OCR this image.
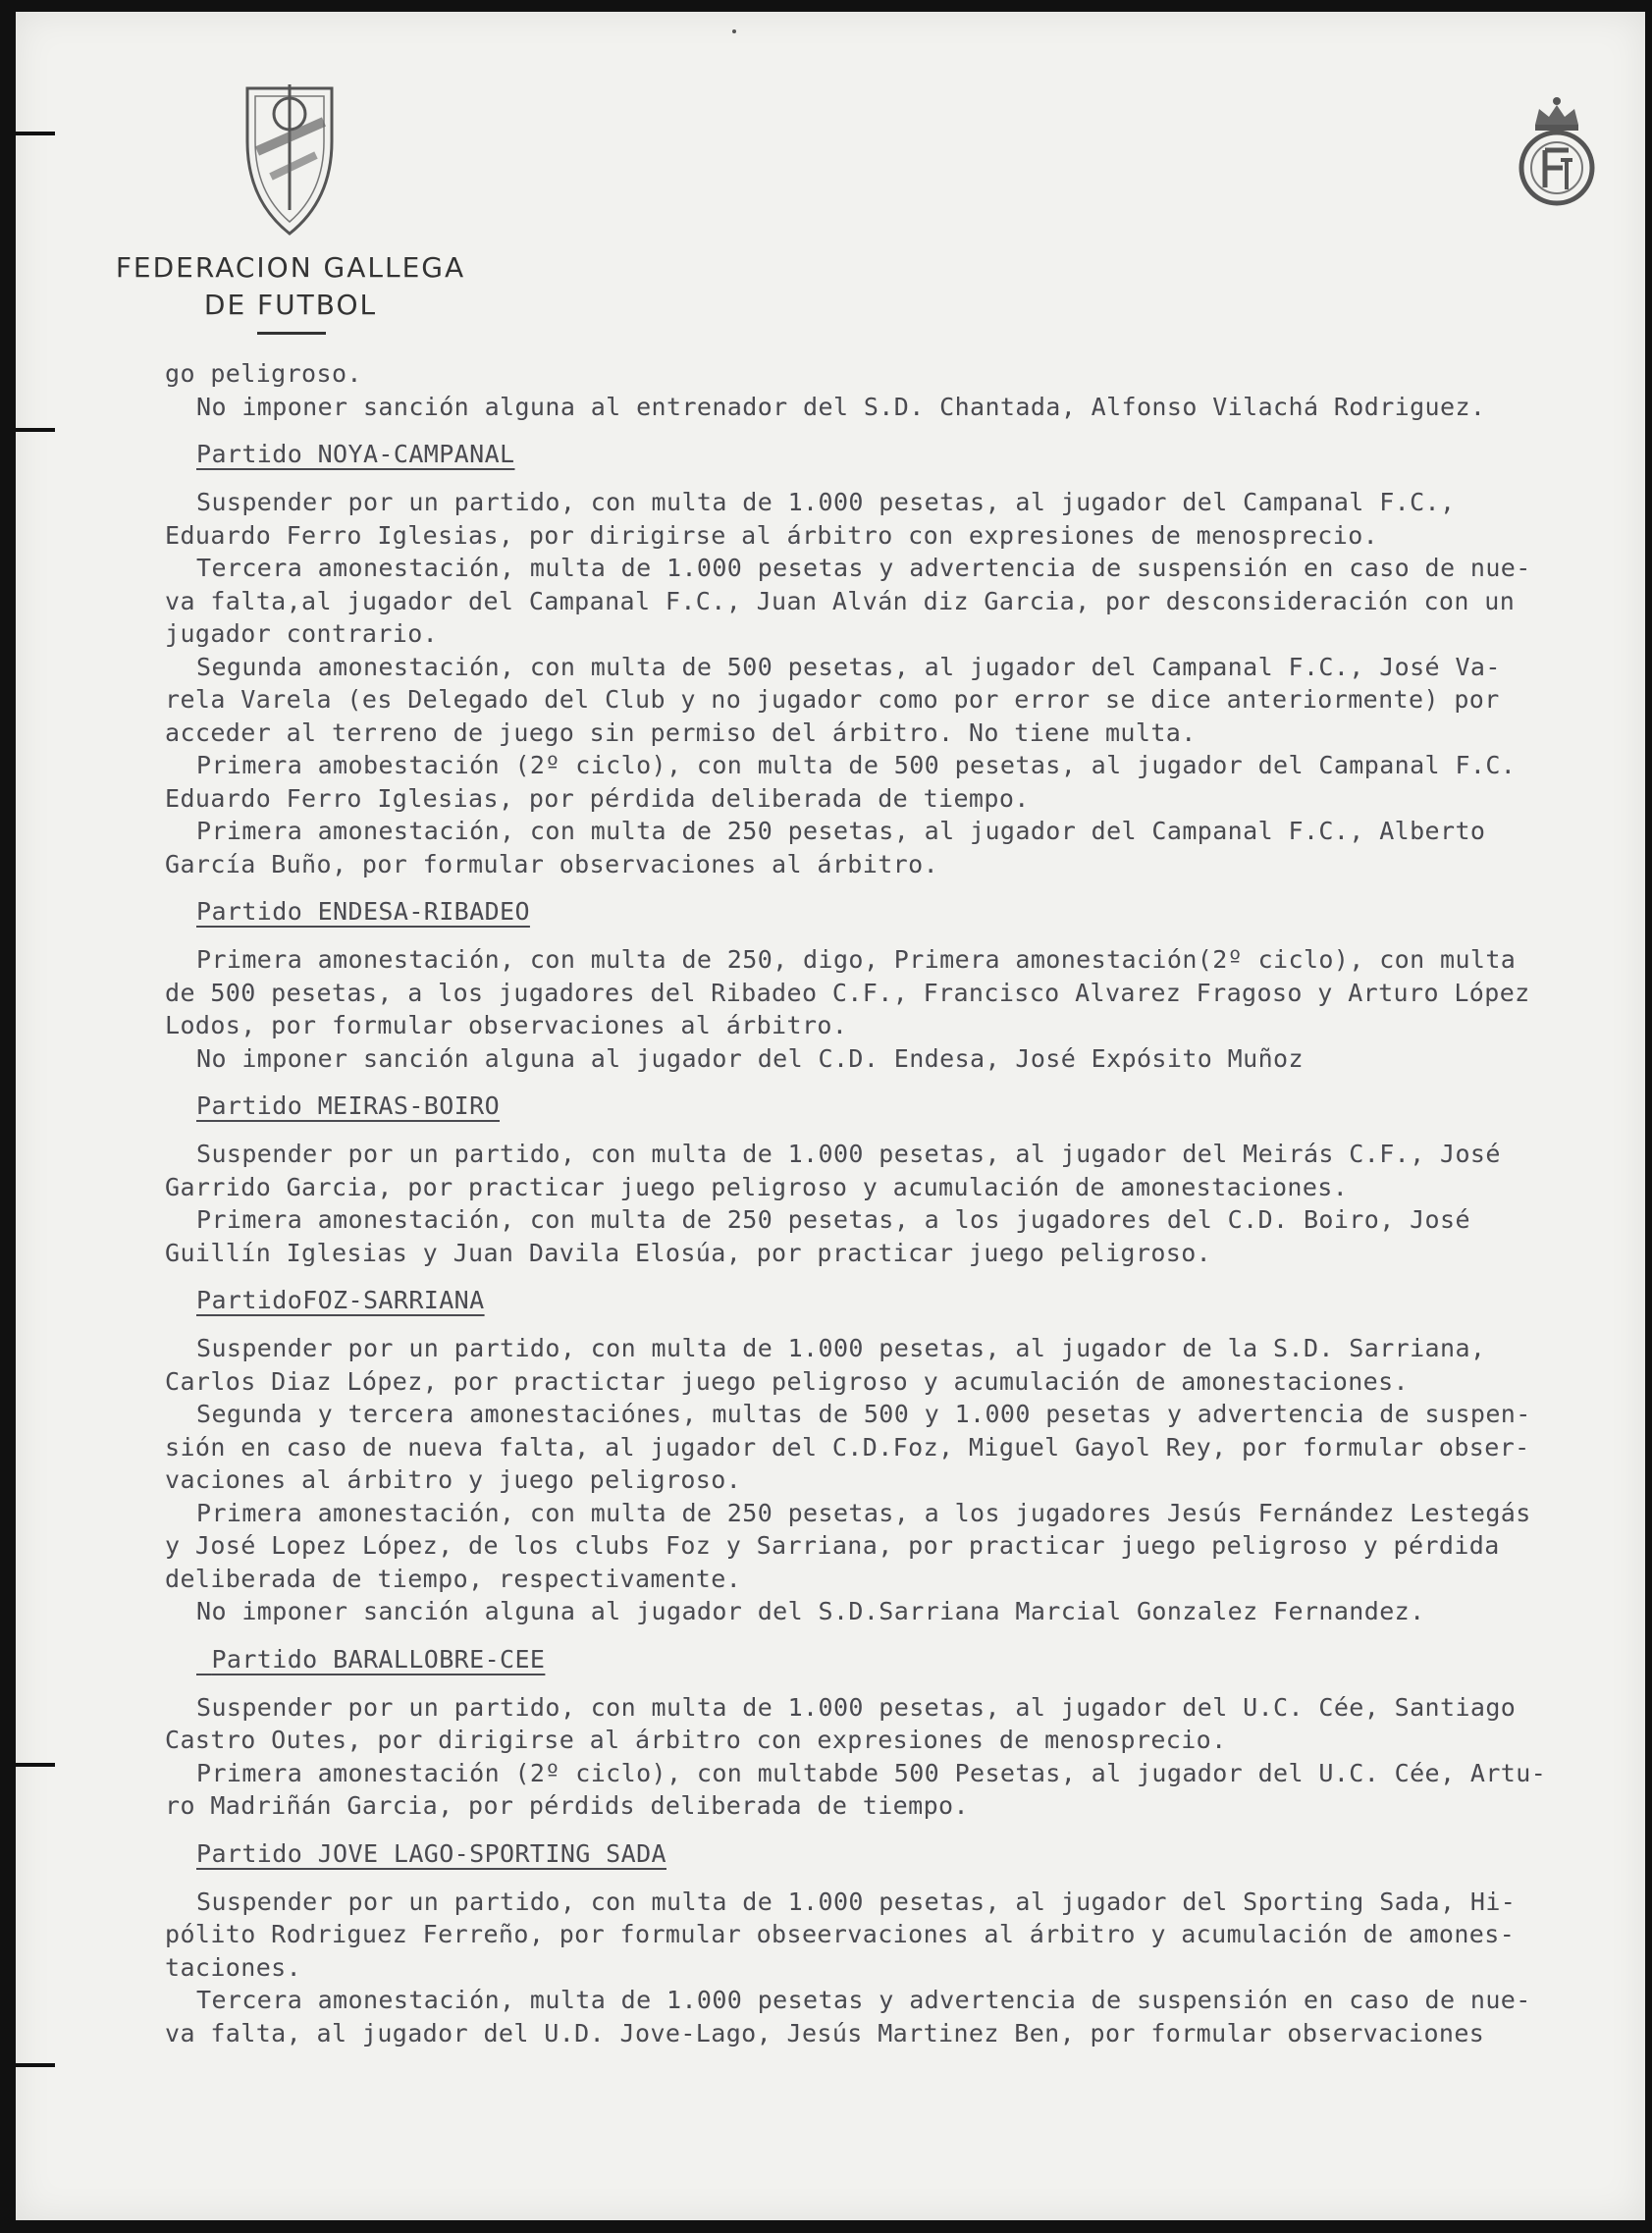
FEDERACION GALLEGA
DE FUTBOL
go peligroso.
No imponer sanción alguna al entrenador del S.D. Chantada, Alfonso Vilachá Rodriguez.
Partido NOYA-CAMPANAL
Suspender por un partido, con multa de 1.000 pesetas, al jugador del Campanal F.C.,
Eduardo Ferro Iglesias, por dirigirse al árbitro con expresiones de menosprecio.
Tercera amonestación, multa de 1.000 pesetas y advertencia de suspensión en caso de nue-
va falta,al jugador del Campanal F.C., Juan Alván diz Garcia, por desconsideración con un
jugador contrario.
Segunda amonestación, con multa de 500 pesetas, al jugador del Campanal F.C., José Va-
rela Varela (es Delegado del Club y no jugador como por error se dice anteriormente) por
acceder al terreno de juego sin permiso del árbitro. No tiene multa.
Primera amobestación (2º ciclo), con multa de 500 pesetas, al jugador del Campanal F.C.
Eduardo Ferro Iglesias, por pérdida deliberada de tiempo.
Primera amonestación, con multa de 250 pesetas, al jugador del Campanal F.C., Alberto
García Buño, por formular observaciones al árbitro.
Partido ENDESA-RIBADEO
Primera amonestación, con multa de 250, digo, Primera amonestación(2º ciclo), con multa
de 500 pesetas, a los jugadores del Ribadeo C.F., Francisco Alvarez Fragoso y Arturo López
Lodos, por formular observaciones al árbitro.
No imponer sanción alguna al jugador del C.D. Endesa, José Expósito Muñoz
Partido MEIRAS-BOIRO
Suspender por un partido, con multa de 1.000 pesetas, al jugador del Meirás C.F., José
Garrido Garcia, por practicar juego peligroso y acumulación de amonestaciones.
Primera amonestación, con multa de 250 pesetas, a los jugadores del C.D. Boiro, José
Guillín Iglesias y Juan Davila Elosúa, por practicar juego peligroso.
PartidoFOZ-SARRIANA
Suspender por un partido, con multa de 1.000 pesetas, al jugador de la S.D. Sarriana,
Carlos Diaz López, por practictar juego peligroso y acumulación de amonestaciones.
Segunda y tercera amonestaciónes, multas de 500 y 1.000 pesetas y advertencia de suspen-
sión en caso de nueva falta, al jugador del C.D.Foz, Miguel Gayol Rey, por formular obser-
vaciones al árbitro y juego peligroso.
Primera amonestación, con multa de 250 pesetas, a los jugadores Jesús Fernández Lestegás
y José Lopez López, de los clubs Foz y Sarriana, por practicar juego peligroso y pérdida
deliberada de tiempo, respectivamente.
No imponer sanción alguna al jugador del S.D.Sarriana Marcial Gonzalez Fernandez.
Partido BARALLOBRE-CEE
Suspender por un partido, con multa de 1.000 pesetas, al jugador del U.C. Cée, Santiago
Castro Outes, por dirigirse al árbitro con expresiones de menosprecio.
Primera amonestación (2º ciclo), con multabde 500 Pesetas, al jugador del U.C. Cée, Artu-
ro Madriñán Garcia, por pérdids deliberada de tiempo.
Partido JOVE LAGO-SPORTING SADA
Suspender por un partido, con multa de 1.000 pesetas, al jugador del Sporting Sada, Hi-
pólito Rodriguez Ferreño, por formular obseervaciones al árbitro y acumulación de amones-
taciones.
Tercera amonestación, multa de 1.000 pesetas y advertencia de suspensión en caso de nue-
va falta, al jugador del U.D. Jove-Lago, Jesús Martinez Ben, por formular observaciones
